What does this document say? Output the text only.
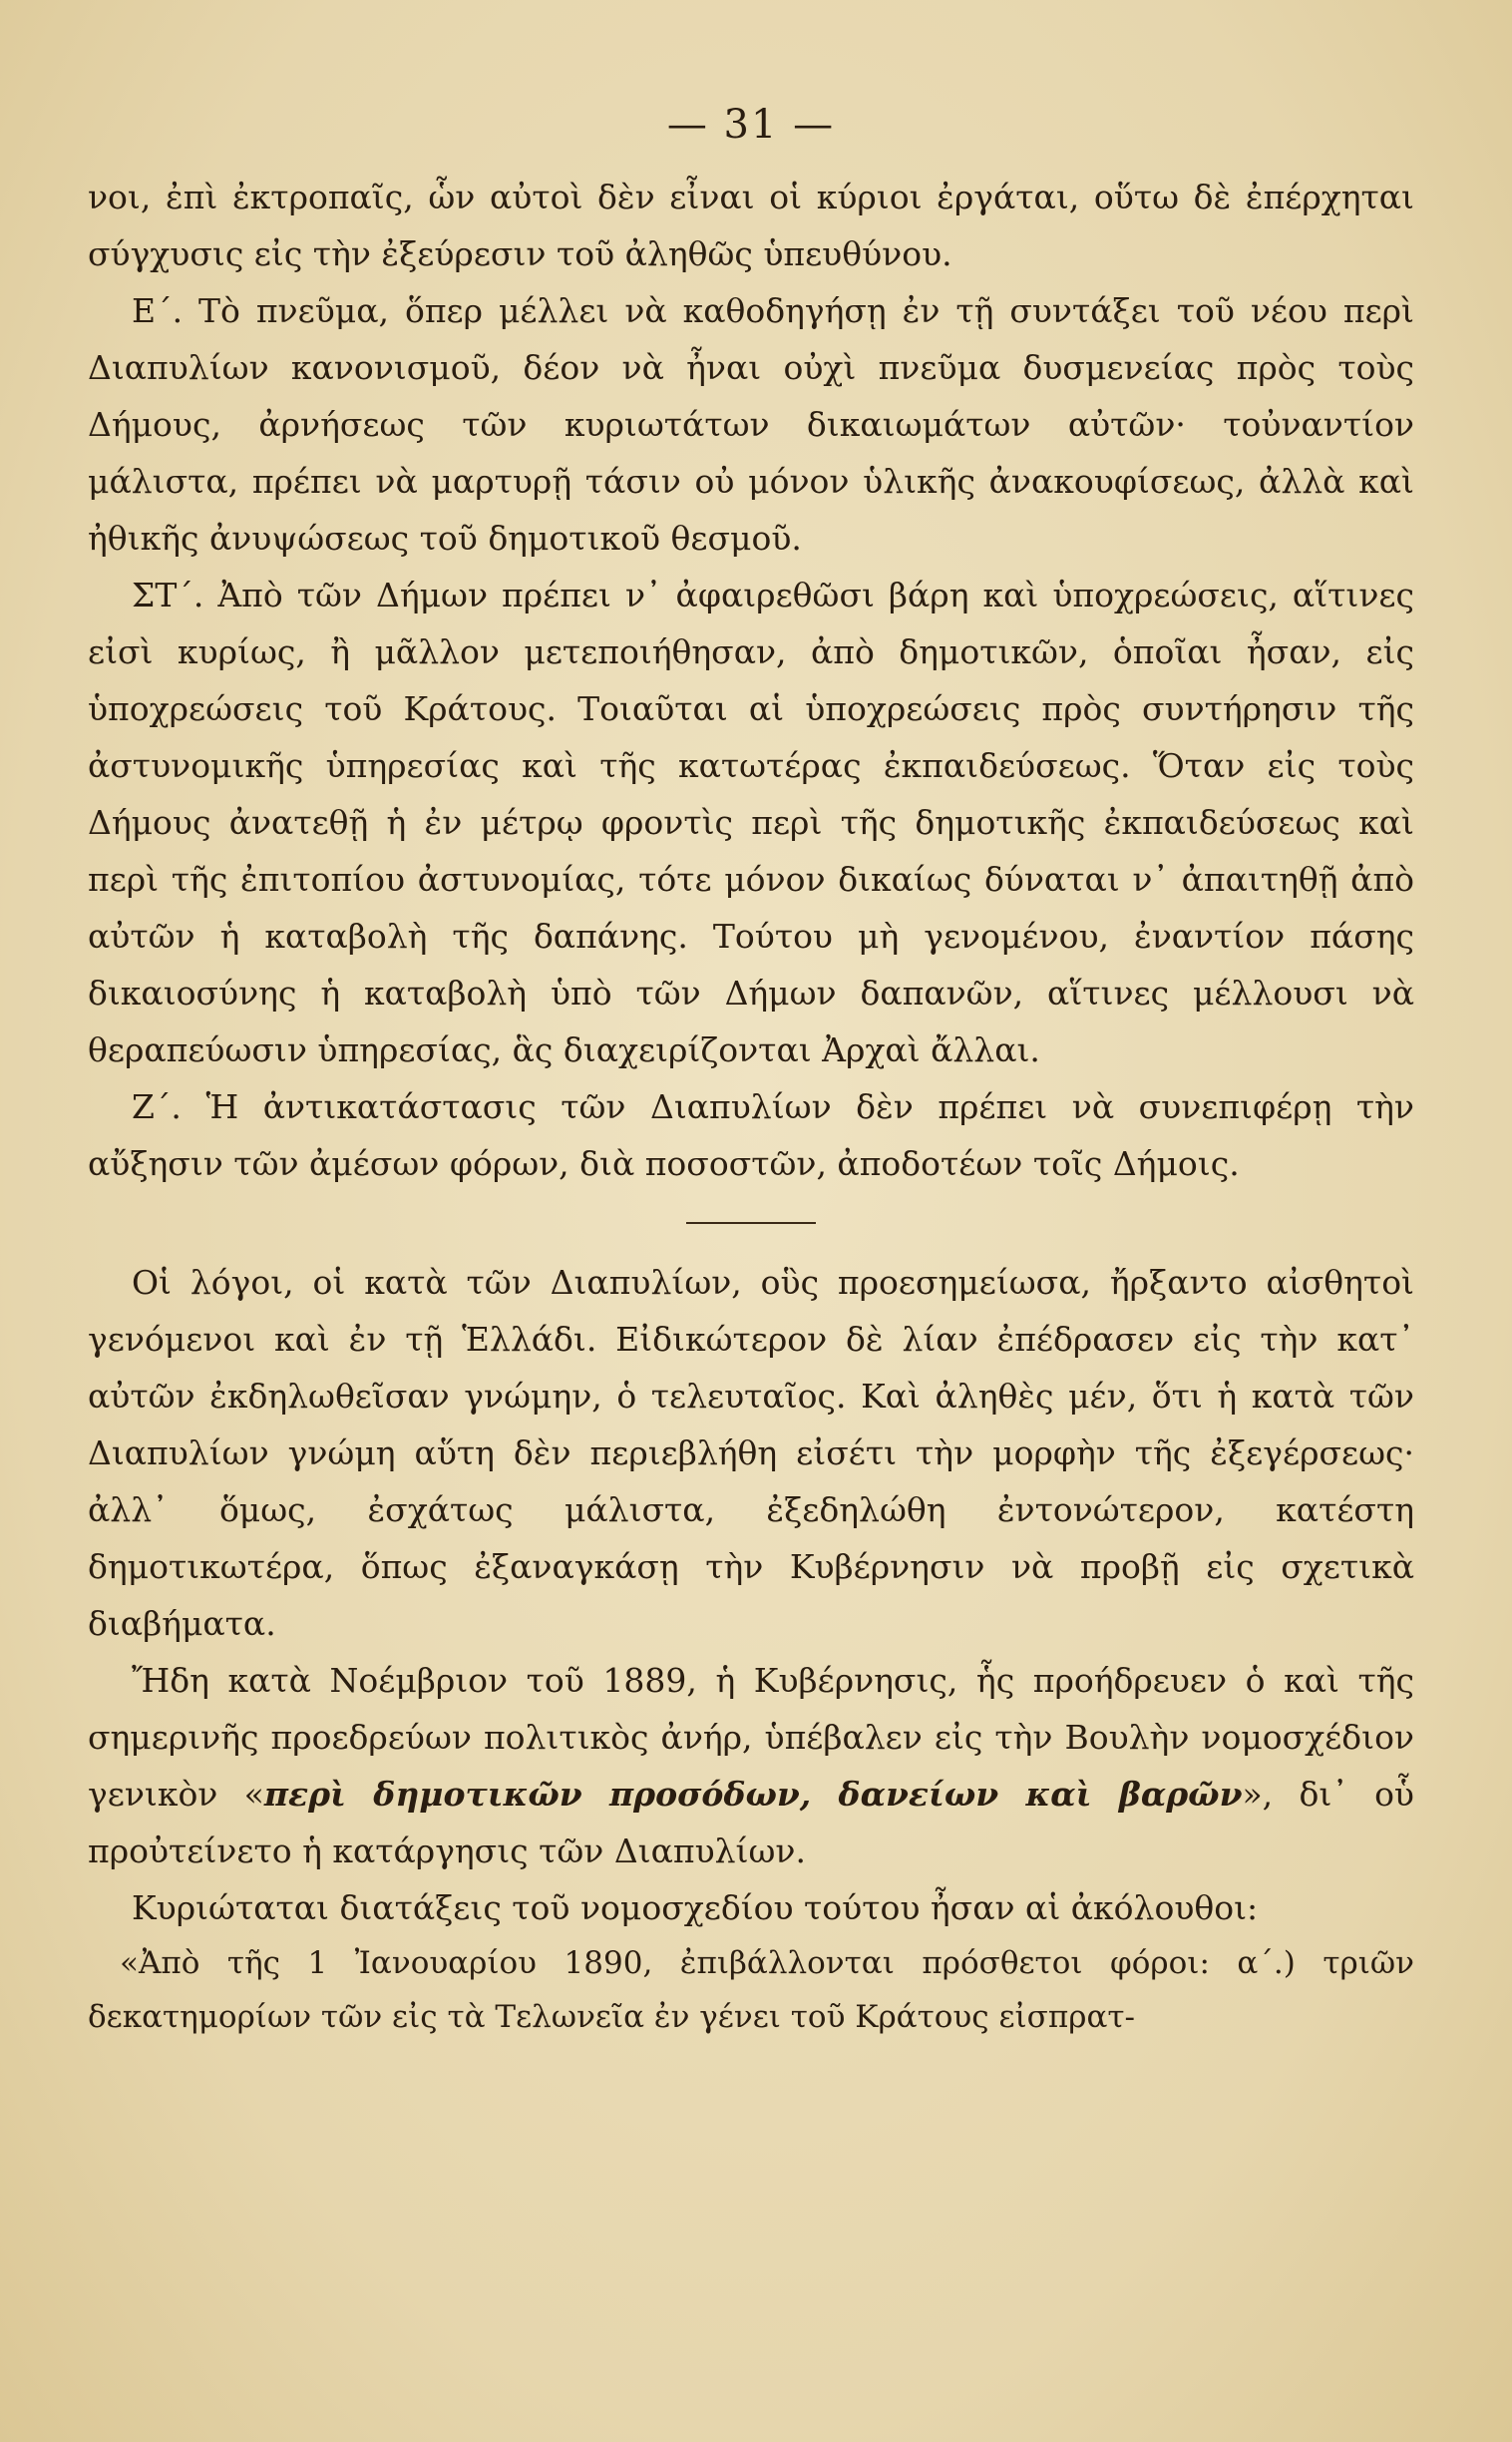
— 31 —

νοι, ἐπὶ ἐκτροπαῖς, ὧν αὐτοὶ δὲν εἶναι οἱ κύριοι ἐργάται, οὕτω δὲ ἐπέρχηται σύγχυσις εἰς τὴν ἐξεύρεσιν τοῦ ἀληθῶς ὑπευθύνου.

Ε΄. Τὸ πνεῦμα, ὅπερ μέλλει νὰ καθοδηγήσῃ ἐν τῇ συντάξει τοῦ νέου περὶ Διαπυλίων κανονισμοῦ, δέον νὰ ἦναι οὐχὶ πνεῦμα δυσμενείας πρὸς τοὺς Δήμους, ἀρνήσεως τῶν κυριωτάτων δικαιωμάτων αὐτῶν· τοὐναντίον μάλιστα, πρέπει νὰ μαρτυρῇ τάσιν οὐ μόνον ὑλικῆς ἀνακουφίσεως, ἀλλὰ καὶ ἠθικῆς ἀνυψώσεως τοῦ δημοτικοῦ θεσμοῦ.

ΣΤ΄. Ἀπὸ τῶν Δήμων πρέπει ν᾿ ἀφαιρεθῶσι βάρη καὶ ὑποχρεώσεις, αἵτινες εἰσὶ κυρίως, ἢ μᾶλλον μετεποιήθησαν, ἀπὸ δημοτικῶν, ὁποῖαι ἦσαν, εἰς ὑποχρεώσεις τοῦ Κράτους. Τοιαῦται αἱ ὑποχρεώσεις πρὸς συντήρησιν τῆς ἀστυνομικῆς ὑπηρεσίας καὶ τῆς κατωτέρας ἐκπαιδεύσεως. Ὅταν εἰς τοὺς Δήμους ἀνατεθῇ ἡ ἐν μέτρῳ φροντὶς περὶ τῆς δημοτικῆς ἐκπαιδεύσεως καὶ περὶ τῆς ἐπιτοπίου ἀστυνομίας, τότε μόνον δικαίως δύναται ν᾿ ἀπαιτηθῇ ἀπὸ αὐτῶν ἡ καταβολὴ τῆς δαπάνης. Τούτου μὴ γενομένου, ἐναντίον πάσης δικαιοσύνης ἡ καταβολὴ ὑπὸ τῶν Δήμων δαπανῶν, αἵτινες μέλλουσι νὰ θεραπεύωσιν ὑπηρεσίας, ἃς διαχειρίζονται Ἀρχαὶ ἄλλαι.

Ζ΄. Ἡ ἀντικατάστασις τῶν Διαπυλίων δὲν πρέπει νὰ συνεπιφέρῃ τὴν αὔξησιν τῶν ἀμέσων φόρων, διὰ ποσοστῶν, ἀποδοτέων τοῖς Δήμοις.

Οἱ λόγοι, οἱ κατὰ τῶν Διαπυλίων, οὓς προεσημείωσα, ἤρξαντο αἰσθητοὶ γενόμενοι καὶ ἐν τῇ Ἑλλάδι. Εἰδικώτερον δὲ λίαν ἐπέδρασεν εἰς τὴν κατ᾿ αὐτῶν ἐκδηλωθεῖσαν γνώμην, ὁ τελευταῖος. Καὶ ἀληθὲς μέν, ὅτι ἡ κατὰ τῶν Διαπυλίων γνώμη αὕτη δὲν περιεβλήθη εἰσέτι τὴν μορφὴν τῆς ἐξεγέρσεως· ἀλλ᾿ ὅμως, ἐσχάτως μάλιστα, ἐξεδηλώθη ἐντονώτερον, κατέστη δημοτικωτέρα, ὅπως ἐξαναγκάσῃ τὴν Κυβέρνησιν νὰ προβῇ εἰς σχετικὰ διαβήματα.

Ἤδη κατὰ Νοέμβριον τοῦ 1889, ἡ Κυβέρνησις, ἧς προήδρευεν ὁ καὶ τῆς σημερινῆς προεδρεύων πολιτικὸς ἀνήρ, ὑπέβαλεν εἰς τὴν Βουλὴν νομοσχέδιον γενικὸν «περὶ δημοτικῶν προσόδων, δανείων καὶ βαρῶν», δι᾿ οὗ προὐτείνετο ἡ κατάργησις τῶν Διαπυλίων.

Κυριώταται διατάξεις τοῦ νομοσχεδίου τούτου ἦσαν αἱ ἀκόλουθοι:

«Ἀπὸ τῆς 1 Ἰανουαρίου 1890, ἐπιβάλλονται πρόσθετοι φόροι: α΄.) τριῶν δεκατημορίων τῶν εἰς τὰ Τελωνεῖα ἐν γένει τοῦ Κράτους εἰσπρατ-
